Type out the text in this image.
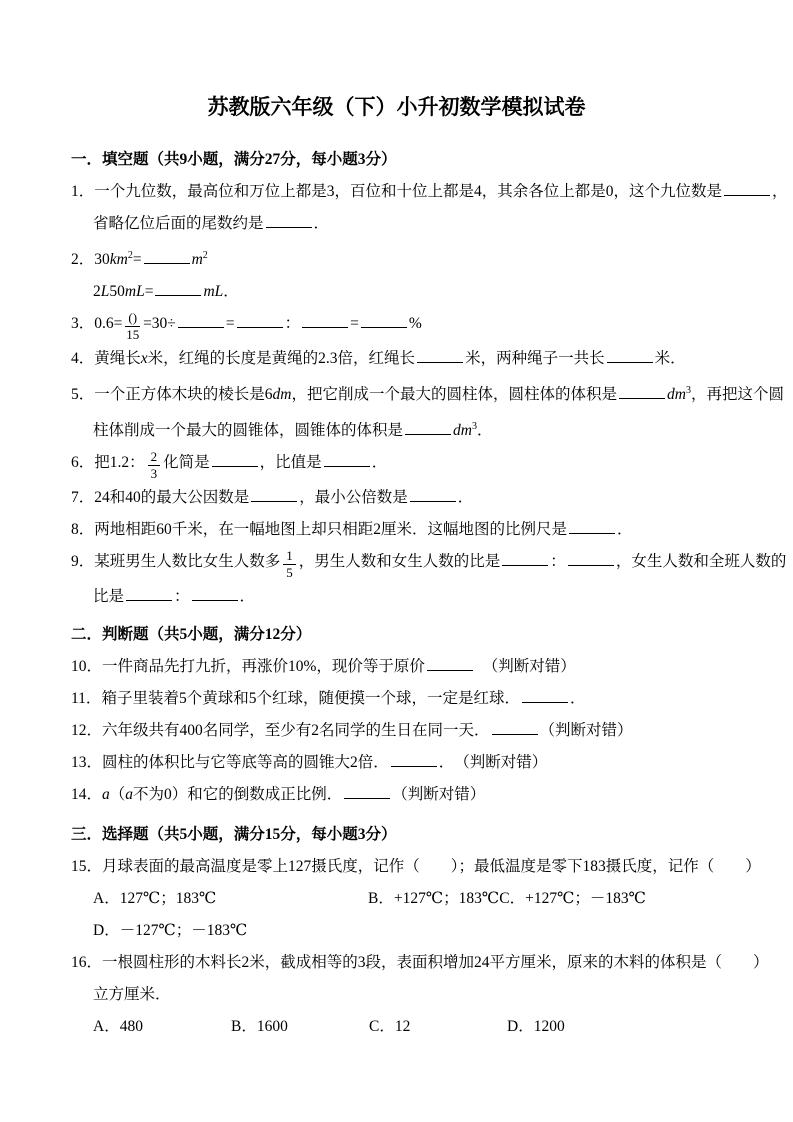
苏教版六年级（下）小升初数学模拟试卷
一．填空题（共9小题，满分27分，每小题3分）
1．一个九位数，最高位和万位上都是3，百位和十位上都是4，其余各位上都是0，这个九位数是	，
省略亿位后面的尾数约是	．
2．$30km^2=$	$m^2$
2L50mL=	mL．
3．$0.6= \frac{()}{15} =30\div$	=	：	=	%
4．黄绳长x米，红绳的长度是黄绳的2.3倍，红绳长	米，两种绳子一共长	米．
5．一个正方体木块的棱长是6dm，把它削成一个最大的圆柱体，圆柱体的体积是	$dm^3$，再把这个圆
柱体削成一个最大的圆锥体，圆锥体的体积是	$dm^3$．
6．把1.2： $\frac{2}{3}$ 化简是	，比值是	．
7．24和40的最大公因数是	，最小公倍数是	．
8．两地相距60千米，在一幅地图上却只相距2厘米．这幅地图的比例尺是	．
9．某班男生人数比女生人数多 $\frac{1}{5}$ ，男生人数和女生人数的比是	：	，女生人数和全班人数的
比是	：	．
二．判断题（共5小题，满分12分）
10．一件商品先打九折，再涨价10%，现价等于原价	　（判断对错）
11．箱子里装着5个黄球和5个红球，随便摸一个球，一定是红球．	．
12．六年级共有400名同学，至少有2名同学的生日在同一天．	（判断对错）
13．圆柱的体积比与它等底等高的圆锥大2倍．	．　（判断对错）
14．a（a不为0）和它的倒数成正比例．	（判断对错）
三．选择题（共5小题，满分15分，每小题3分）
15．月球表面的最高温度是零上127摄氏度，记作（　　）；最低温度是零下183摄氏度，记作（　　）
A．127℃；183℃	B．+127℃；183℃ C．+127℃；－183℃
D．－127℃；－183℃
16．一根圆柱形的木料长2米，截成相等的3段，表面积增加24平方厘米，原来的木料的体积是（　　）
立方厘米．
A．480	B．1600	C．12	D．1200
